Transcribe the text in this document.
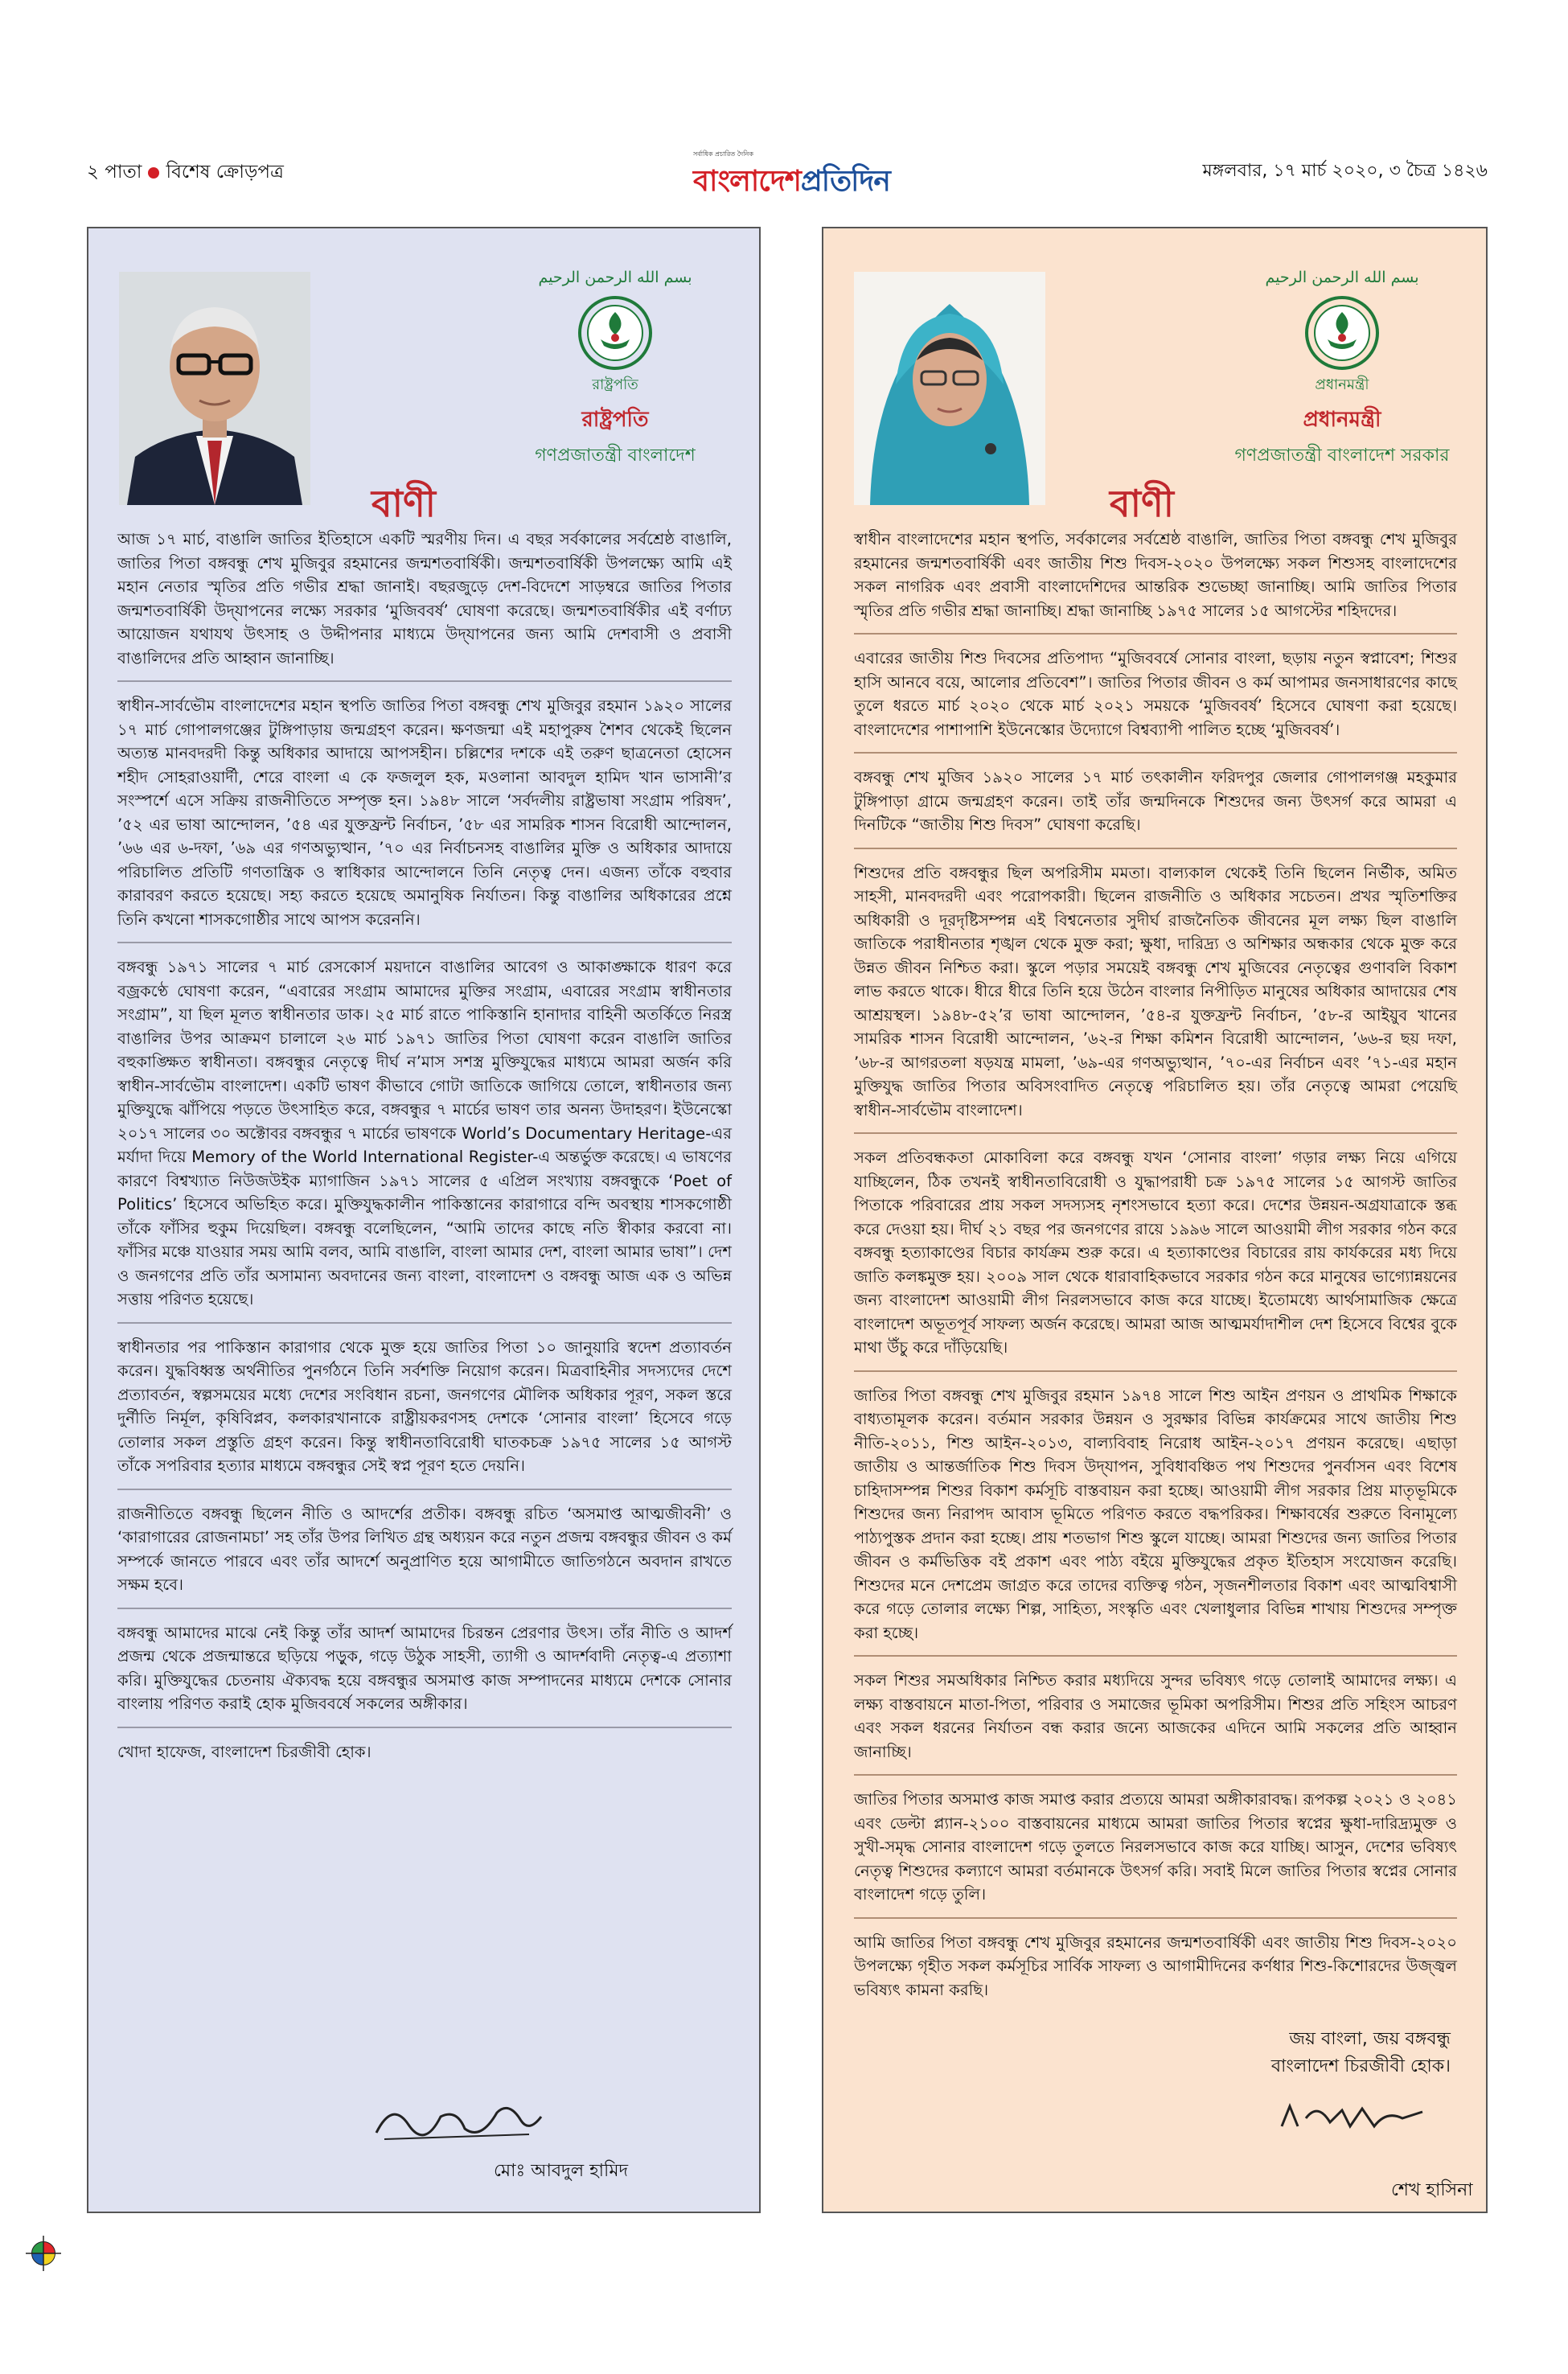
২ পাতা বিশেষ ক্রোড়পত্র
সর্বাধিক প্রচারিত দৈনিক
বাংলাদেশপ্রতিদিন	মঙ্গলবার, ১৭ মার্চ ২০২০, ৩ চৈত্র ১৪২৬
بسم الله الرحمن الرحيم
রাষ্ট্রপতি
রাষ্ট্রপতি
গণপ্রজাতন্ত্রী বাংলাদেশ
বাণী

আজ ১৭ মার্চ, বাঙালি জাতির ইতিহাসে একটি স্মরণীয় দিন। এ বছর সর্বকালের সর্বশ্রেষ্ঠ বাঙালি, জাতির পিতা বঙ্গবন্ধু শেখ মুজিবুর রহমানের জন্মশতবার্ষিকী। জন্মশতবার্ষিকী উপলক্ষ্যে আমি এই মহান নেতার স্মৃতির প্রতি গভীর শ্রদ্ধা জানাই। বছরজুড়ে দেশ-বিদেশে সাড়ম্বরে জাতির পিতার জন্মশতবার্ষিকী উদ্‌যাপনের লক্ষ্যে সরকার ‘মুজিববর্ষ’ ঘোষণা করেছে। জন্মশতবার্ষিকীর এই বর্ণাঢ্য আয়োজন যথাযথ উৎসাহ ও উদ্দীপনার মাধ্যমে উদ্‌যাপনের জন্য আমি দেশবাসী ও প্রবাসী বাঙালিদের প্রতি আহ্বান জানাচ্ছি।

স্বাধীন-সার্বভৌম বাংলাদেশের মহান স্থপতি জাতির পিতা বঙ্গবন্ধু শেখ মুজিবুর রহমান ১৯২০ সালের ১৭ মার্চ গোপালগঞ্জের টুঙ্গিপাড়ায় জন্মগ্রহণ করেন। ক্ষণজন্মা এই মহাপুরুষ শৈশব থেকেই ছিলেন অত্যন্ত মানবদরদী কিন্তু অধিকার আদায়ে আপসহীন। চল্লিশের দশকে এই তরুণ ছাত্রনেতা হোসেন শহীদ সোহরাওয়ার্দী, শেরে বাংলা এ কে ফজলুল হক, মওলানা আবদুল হামিদ খান ভাসানী’র সংস্পর্শে এসে সক্রিয় রাজনীতিতে সম্পৃক্ত হন। ১৯৪৮ সালে ‘সর্বদলীয় রাষ্ট্রভাষা সংগ্রাম পরিষদ’, ’৫২ এর ভাষা আন্দোলন, ’৫৪ এর যুক্তফ্রন্ট নির্বাচন, ’৫৮ এর সামরিক শাসন বিরোধী আন্দোলন, ’৬৬ এর ৬-দফা, ’৬৯ এর গণঅভ্যুত্থান, ’৭০ এর নির্বাচনসহ বাঙালির মুক্তি ও অধিকার আদায়ে পরিচালিত প্রতিটি গণতান্ত্রিক ও স্বাধিকার আন্দোলনে তিনি নেতৃত্ব দেন। এজন্য তাঁকে বহুবার কারাবরণ করতে হয়েছে। সহ্য করতে হয়েছে অমানুষিক নির্যাতন। কিন্তু বাঙালির অধিকারের প্রশ্নে তিনি কখনো শাসকগোষ্ঠীর সাথে আপস করেননি।

বঙ্গবন্ধু ১৯৭১ সালের ৭ মার্চ রেসকোর্স ময়দানে বাঙালির আবেগ ও আকাঙ্ক্ষাকে ধারণ করে বজ্রকণ্ঠে ঘোষণা করেন, “এবারের সংগ্রাম আমাদের মুক্তির সংগ্রাম, এবারের সংগ্রাম স্বাধীনতার সংগ্রাম”, যা ছিল মূলত স্বাধীনতার ডাক। ২৫ মার্চ রাতে পাকিস্তানি হানাদার বাহিনী অতর্কিতে নিরস্ত্র বাঙালির উপর আক্রমণ চালালে ২৬ মার্চ ১৯৭১ জাতির পিতা ঘোষণা করেন বাঙালি জাতির বহুকাঙ্ক্ষিত স্বাধীনতা। বঙ্গবন্ধুর নেতৃত্বে দীর্ঘ ন’মাস সশস্ত্র মুক্তিযুদ্ধের মাধ্যমে আমরা অর্জন করি স্বাধীন-সার্বভৌম বাংলাদেশ। একটি ভাষণ কীভাবে গোটা জাতিকে জাগিয়ে তোলে, স্বাধীনতার জন্য মুক্তিযুদ্ধে ঝাঁপিয়ে পড়তে উৎসাহিত করে, বঙ্গবন্ধুর ৭ মার্চের ভাষণ তার অনন্য উদাহরণ। ইউনেস্কো ২০১৭ সালের ৩০ অক্টোবর বঙ্গবন্ধুর ৭ মার্চের ভাষণকে World’s Documentary Heritage-এর মর্যাদা দিয়ে Memory of the World International Register-এ অন্তর্ভুক্ত করেছে। এ ভাষণের কারণে বিশ্বখ্যাত নিউজউইক ম্যাগাজিন ১৯৭১ সালের ৫ এপ্রিল সংখ্যায় বঙ্গবন্ধুকে ‘Poet of Politics’ হিসেবে অভিহিত করে। মুক্তিযুদ্ধকালীন পাকিস্তানের কারাগারে বন্দি অবস্থায় শাসকগোষ্ঠী তাঁকে ফাঁসির হুকুম দিয়েছিল। বঙ্গবন্ধু বলেছিলেন, “আমি তাদের কাছে নতি স্বীকার করবো না। ফাঁসির মঞ্চে যাওয়ার সময় আমি বলব, আমি বাঙালি, বাংলা আমার দেশ, বাংলা আমার ভাষা”। দেশ ও জনগণের প্রতি তাঁর অসামান্য অবদানের জন্য বাংলা, বাংলাদেশ ও বঙ্গবন্ধু আজ এক ও অভিন্ন সত্তায় পরিণত হয়েছে।

স্বাধীনতার পর পাকিস্তান কারাগার থেকে মুক্ত হয়ে জাতির পিতা ১০ জানুয়ারি স্বদেশ প্রত্যাবর্তন করেন। যুদ্ধবিধ্বস্ত অর্থনীতির পুনর্গঠনে তিনি সর্বশক্তি নিয়োগ করেন। মিত্রবাহিনীর সদস্যদের দেশে প্রত্যাবর্তন, স্বল্পসময়ের মধ্যে দেশের সংবিধান রচনা, জনগণের মৌলিক অধিকার পূরণ, সকল স্তরে দুর্নীতি নির্মূল, কৃষিবিপ্লব, কলকারখানাকে রাষ্ট্রীয়করণসহ দেশকে ‘সোনার বাংলা’ হিসেবে গড়ে তোলার সকল প্রস্তুতি গ্রহণ করেন। কিন্তু স্বাধীনতাবিরোধী ঘাতকচক্র ১৯৭৫ সালের ১৫ আগস্ট তাঁকে সপরিবার হত্যার মাধ্যমে বঙ্গবন্ধুর সেই স্বপ্ন পূরণ হতে দেয়নি।

রাজনীতিতে বঙ্গবন্ধু ছিলেন নীতি ও আদর্শের প্রতীক। বঙ্গবন্ধু রচিত ‘অসমাপ্ত আত্মজীবনী’ ও ‘কারাগারের রোজনামচা’ সহ তাঁর উপর লিখিত গ্রন্থ অধ্যয়ন করে নতুন প্রজন্ম বঙ্গবন্ধুর জীবন ও কর্ম সম্পর্কে জানতে পারবে এবং তাঁর আদর্শে অনুপ্রাণিত হয়ে আগামীতে জাতিগঠনে অবদান রাখতে সক্ষম হবে।

বঙ্গবন্ধু আমাদের মাঝে নেই কিন্তু তাঁর আদর্শ আমাদের চিরন্তন প্রেরণার উৎস। তাঁর নীতি ও আদর্শ প্রজন্ম থেকে প্রজন্মান্তরে ছড়িয়ে পড়ুক, গড়ে উঠুক সাহসী, ত্যাগী ও আদর্শবাদী নেতৃত্ব-এ প্রত্যাশা করি। মুক্তিযুদ্ধের চেতনায় ঐক্যবদ্ধ হয়ে বঙ্গবন্ধুর অসমাপ্ত কাজ সম্পাদনের মাধ্যমে দেশকে সোনার বাংলায় পরিণত করাই হোক মুজিববর্ষে সকলের অঙ্গীকার।

খোদা হাফেজ, বাংলাদেশ চিরজীবী হোক।

মোঃ আবদুল হামিদ
بسم الله الرحمن الرحيم
প্রধানমন্ত্রী
প্রধানমন্ত্রী
গণপ্রজাতন্ত্রী বাংলাদেশ সরকার
বাণী

স্বাধীন বাংলাদেশের মহান স্থপতি, সর্বকালের সর্বশ্রেষ্ঠ বাঙালি, জাতির পিতা বঙ্গবন্ধু শেখ মুজিবুর রহমানের জন্মশতবার্ষিকী এবং জাতীয় শিশু দিবস-২০২০ উপলক্ষ্যে সকল শিশুসহ বাংলাদেশের সকল নাগরিক এবং প্রবাসী বাংলাদেশিদের আন্তরিক শুভেচ্ছা জানাচ্ছি। আমি জাতির পিতার স্মৃতির প্রতি গভীর শ্রদ্ধা জানাচ্ছি। শ্রদ্ধা জানাচ্ছি ১৯৭৫ সালের ১৫ আগস্টের শহিদদের।

এবারের জাতীয় শিশু দিবসের প্রতিপাদ্য “মুজিববর্ষে সোনার বাংলা, ছড়ায় নতুন স্বপ্নাবেশ; শিশুর হাসি আনবে বয়ে, আলোর প্রতিবেশ”। জাতির পিতার জীবন ও কর্ম আপামর জনসাধারণের কাছে তুলে ধরতে মার্চ ২০২০ থেকে মার্চ ২০২১ সময়কে ‘মুজিববর্ষ’ হিসেবে ঘোষণা করা হয়েছে। বাংলাদেশের পাশাপাশি ইউনেস্কোর উদ্যোগে বিশ্বব্যাপী পালিত হচ্ছে ‘মুজিববর্ষ’।

বঙ্গবন্ধু শেখ মুজিব ১৯২০ সালের ১৭ মার্চ তৎকালীন ফরিদপুর জেলার গোপালগঞ্জ মহকুমার টুঙ্গিপাড়া গ্রামে জন্মগ্রহণ করেন। তাই তাঁর জন্মদিনকে শিশুদের জন্য উৎসর্গ করে আমরা এ দিনটিকে “জাতীয় শিশু দিবস” ঘোষণা করেছি।

শিশুদের প্রতি বঙ্গবন্ধুর ছিল অপরিসীম মমতা। বাল্যকাল থেকেই তিনি ছিলেন নির্ভীক, অমিত সাহসী, মানবদরদী এবং পরোপকারী। ছিলেন রাজনীতি ও অধিকার সচেতন। প্রখর স্মৃতিশক্তির অধিকারী ও দূরদৃষ্টিসম্পন্ন এই বিশ্বনেতার সুদীর্ঘ রাজনৈতিক জীবনের মূল লক্ষ্য ছিল বাঙালি জাতিকে পরাধীনতার শৃঙ্খল থেকে মুক্ত করা; ক্ষুধা, দারিদ্র্য ও অশিক্ষার অন্ধকার থেকে মুক্ত করে উন্নত জীবন নিশ্চিত করা। স্কুলে পড়ার সময়েই বঙ্গবন্ধু শেখ মুজিবের নেতৃত্বের গুণাবলি বিকাশ লাভ করতে থাকে। ধীরে ধীরে তিনি হয়ে উঠেন বাংলার নিপীড়িত মানুষের অধিকার আদায়ের শেষ আশ্রয়স্থল। ১৯৪৮-৫২’র ভাষা আন্দোলন, ’৫৪-র যুক্তফ্রন্ট নির্বাচন, ’৫৮-র আইয়ুব খানের সামরিক শাসন বিরোধী আন্দোলন, ’৬২-র শিক্ষা কমিশন বিরোধী আন্দোলন, ’৬৬-র ছয় দফা, ’৬৮-র আগরতলা ষড়যন্ত্র মামলা, ’৬৯-এর গণঅভ্যুত্থান, ’৭০-এর নির্বাচন এবং ’৭১-এর মহান মুক্তিযুদ্ধ জাতির পিতার অবিসংবাদিত নেতৃত্বে পরিচালিত হয়। তাঁর নেতৃত্বে আমরা পেয়েছি স্বাধীন-সার্বভৌম বাংলাদেশ।

সকল প্রতিবন্ধকতা মোকাবিলা করে বঙ্গবন্ধু যখন ‘সোনার বাংলা’ গড়ার লক্ষ্য নিয়ে এগিয়ে যাচ্ছিলেন, ঠিক তখনই স্বাধীনতাবিরোধী ও যুদ্ধাপরাধী চক্র ১৯৭৫ সালের ১৫ আগস্ট জাতির পিতাকে পরিবারের প্রায় সকল সদস্যসহ নৃশংসভাবে হত্যা করে। দেশের উন্নয়ন-অগ্রযাত্রাকে স্তব্ধ করে দেওয়া হয়। দীর্ঘ ২১ বছর পর জনগণের রায়ে ১৯৯৬ সালে আওয়ামী লীগ সরকার গঠন করে বঙ্গবন্ধু হত্যাকাণ্ডের বিচার কার্যক্রম শুরু করে। এ হত্যাকাণ্ডের বিচারের রায় কার্যকরের মধ্য দিয়ে জাতি কলঙ্কমুক্ত হয়। ২০০৯ সাল থেকে ধারাবাহিকভাবে সরকার গঠন করে মানুষের ভাগ্যোন্নয়নের জন্য বাংলাদেশ আওয়ামী লীগ নিরলসভাবে কাজ করে যাচ্ছে। ইতোমধ্যে আর্থসামাজিক ক্ষেত্রে বাংলাদেশ অভূতপূর্ব সাফল্য অর্জন করেছে। আমরা আজ আত্মমর্যাদাশীল দেশ হিসেবে বিশ্বের বুকে মাথা উঁচু করে দাঁড়িয়েছি।

জাতির পিতা বঙ্গবন্ধু শেখ মুজিবুর রহমান ১৯৭৪ সালে শিশু আইন প্রণয়ন ও প্রাথমিক শিক্ষাকে বাধ্যতামূলক করেন। বর্তমান সরকার উন্নয়ন ও সুরক্ষার বিভিন্ন কার্যক্রমের সাথে জাতীয় শিশু নীতি-২০১১, শিশু আইন-২০১৩, বাল্যবিবাহ নিরোধ আইন-২০১৭ প্রণয়ন করেছে। এছাড়া জাতীয় ও আন্তর্জাতিক শিশু দিবস উদ্‌যাপন, সুবিধাবঞ্চিত পথ শিশুদের পুনর্বাসন এবং বিশেষ চাহিদাসম্পন্ন শিশুর বিকাশ কর্মসূচি বাস্তবায়ন করা হচ্ছে। আওয়ামী লীগ সরকার প্রিয় মাতৃভূমিকে শিশুদের জন্য নিরাপদ আবাস ভূমিতে পরিণত করতে বদ্ধপরিকর। শিক্ষাবর্ষের শুরুতে বিনামূল্যে পাঠ্যপুস্তক প্রদান করা হচ্ছে। প্রায় শতভাগ শিশু স্কুলে যাচ্ছে। আমরা শিশুদের জন্য জাতির পিতার জীবন ও কর্মভিত্তিক বই প্রকাশ এবং পাঠ্য বইয়ে মুক্তিযুদ্ধের প্রকৃত ইতিহাস সংযোজন করেছি। শিশুদের মনে দেশপ্রেম জাগ্রত করে তাদের ব্যক্তিত্ব গঠন, সৃজনশীলতার বিকাশ এবং আত্মবিশ্বাসী করে গড়ে তোলার লক্ষ্যে শিল্প, সাহিত্য, সংস্কৃতি এবং খেলাধুলার বিভিন্ন শাখায় শিশুদের সম্পৃক্ত করা হচ্ছে।

সকল শিশুর সমঅধিকার নিশ্চিত করার মধ্যদিয়ে সুন্দর ভবিষ্যৎ গড়ে তোলাই আমাদের লক্ষ্য। এ লক্ষ্য বাস্তবায়নে মাতা-পিতা, পরিবার ও সমাজের ভূমিকা অপরিসীম। শিশুর প্রতি সহিংস আচরণ এবং সকল ধরনের নির্যাতন বন্ধ করার জন্যে আজকের এদিনে আমি সকলের প্রতি আহ্বান জানাচ্ছি।

জাতির পিতার অসমাপ্ত কাজ সমাপ্ত করার প্রত্যয়ে আমরা অঙ্গীকারাবদ্ধ। রূপকল্প ২০২১ ও ২০৪১ এবং ডেল্টা প্ল্যান-২১০০ বাস্তবায়নের মাধ্যমে আমরা জাতির পিতার স্বপ্নের ক্ষুধা-দারিদ্র্যমুক্ত ও সুখী-সমৃদ্ধ সোনার বাংলাদেশ গড়ে তুলতে নিরলসভাবে কাজ করে যাচ্ছি। আসুন, দেশের ভবিষ্যৎ নেতৃত্ব শিশুদের কল্যাণে আমরা বর্তমানকে উৎসর্গ করি। সবাই মিলে জাতির পিতার স্বপ্নের সোনার বাংলাদেশ গড়ে তুলি।

আমি জাতির পিতা বঙ্গবন্ধু শেখ মুজিবুর রহমানের জন্মশতবার্ষিকী এবং জাতীয় শিশু দিবস-২০২০ উপলক্ষ্যে গৃহীত সকল কর্মসূচির সার্বিক সাফল্য ও আগামীদিনের কর্ণধার শিশু-কিশোরদের উজ্জ্বল ভবিষ্যৎ কামনা করছি।

জয় বাংলা, জয় বঙ্গবন্ধু
বাংলাদেশ চিরজীবী হোক।
শেখ হাসিনা
